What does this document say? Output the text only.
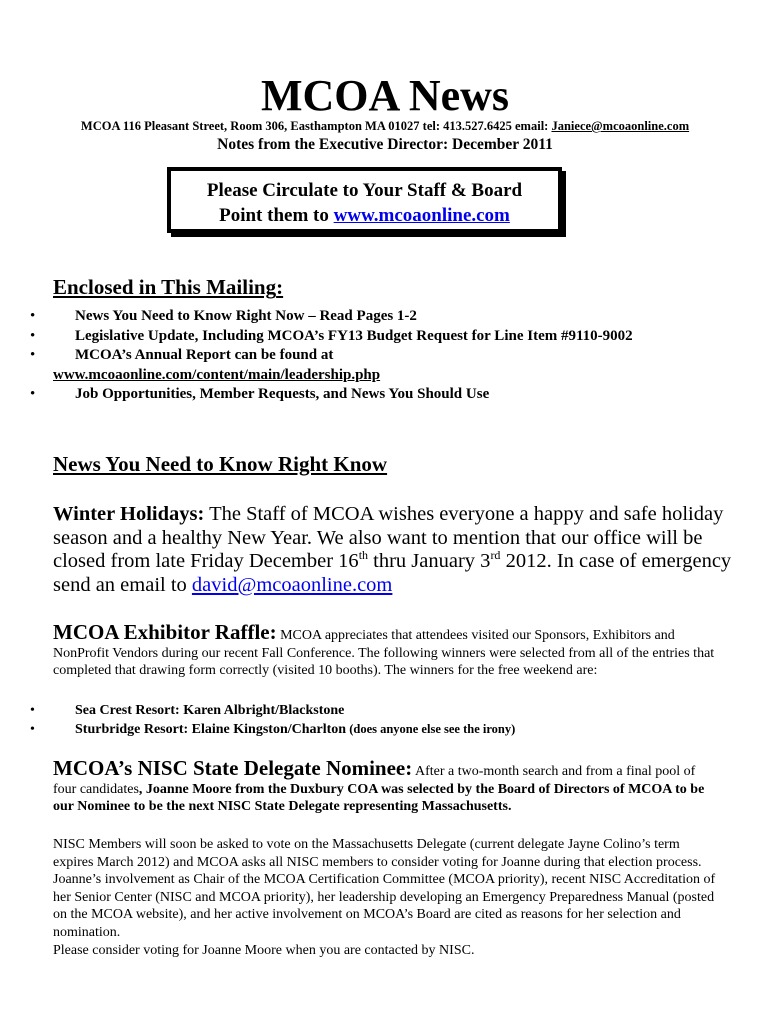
MCOA News
MCOA 116 Pleasant Street, Room 306, Easthampton MA 01027 tel: 413.527.6425 email: Janiece@mcoaonline.com
Notes from the Executive Director: December 2011
Please Circulate to Your Staff & Board
Point them to www.mcoaonline.com
Enclosed in This Mailing:
•	News You Need to Know Right Now – Read Pages 1-2
•	Legislative Update, Including MCOA’s FY13 Budget Request for Line Item #9110-9002
•	MCOA’s Annual Report can be found at
www.mcoaonline.com/content/main/leadership.php
•	Job Opportunities, Member Requests, and News You Should Use
News You Need to Know Right Know

Winter Holidays: The Staff of MCOA wishes everyone a happy and safe holiday season and a healthy New Year. We also want to mention that our office will be closed from late Friday December 16th thru January 3rd 2012. In case of emergency send an email to david@mcoaonline.com

MCOA Exhibitor Raffle: MCOA appreciates that attendees visited our Sponsors, Exhibitors and NonProfit Vendors during our recent Fall Conference. The following winners were selected from all of the entries that completed that drawing form correctly (visited 10 booths). The winners for the free weekend are:

•	Sea Crest Resort: Karen Albright/Blackstone
•	Sturbridge Resort: Elaine Kingston/Charlton (does anyone else see the irony)

MCOA’s NISC State Delegate Nominee: After a two-month search and from a final pool of four candidates, Joanne Moore from the Duxbury COA was selected by the Board of Directors of MCOA to be our Nominee to be the next NISC State Delegate representing Massachusetts.

NISC Members will soon be asked to vote on the Massachusetts Delegate (current delegate Jayne Colino’s term expires March 2012) and MCOA asks all NISC members to consider voting for Joanne during that election process. Joanne’s involvement as Chair of the MCOA Certification Committee (MCOA priority), recent NISC Accreditation of her Senior Center (NISC and MCOA priority), her leadership developing an Emergency Preparedness Manual (posted on the MCOA website), and her active involvement on MCOA’s Board are cited as reasons for her selection and nomination.

Please consider voting for Joanne Moore when you are contacted by NISC.
